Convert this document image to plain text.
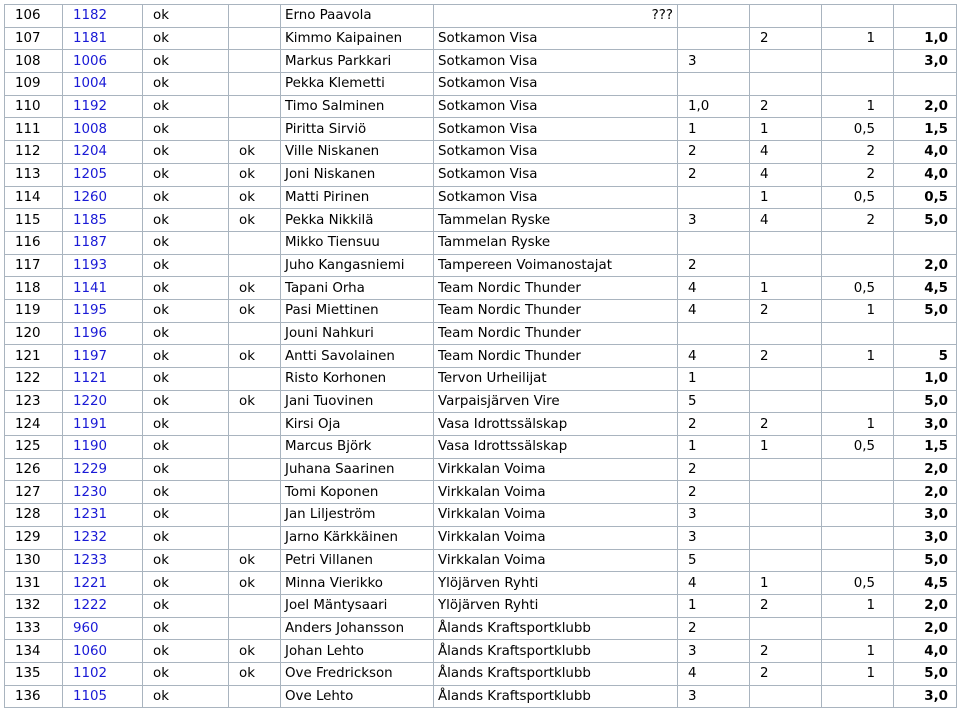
106	1182	ok		Erno Paavola	???				
107	1181	ok		Kimmo Kaipainen	Sotkamon Visa		2	1	1,0
108	1006	ok		Markus Parkkari	Sotkamon Visa	3			3,0
109	1004	ok		Pekka Klemetti	Sotkamon Visa				
110	1192	ok		Timo Salminen	Sotkamon Visa	1,0	2	1	2,0
111	1008	ok		Piritta Sirviö	Sotkamon Visa	1	1	0,5	1,5
112	1204	ok	ok	Ville Niskanen	Sotkamon Visa	2	4	2	4,0
113	1205	ok	ok	Joni Niskanen	Sotkamon Visa	2	4	2	4,0
114	1260	ok	ok	Matti Pirinen	Sotkamon Visa		1	0,5	0,5
115	1185	ok	ok	Pekka Nikkilä	Tammelan Ryske	3	4	2	5,0
116	1187	ok		Mikko Tiensuu	Tammelan Ryske				
117	1193	ok		Juho Kangasniemi	Tampereen Voimanostajat	2			2,0
118	1141	ok	ok	Tapani Orha	Team Nordic Thunder	4	1	0,5	4,5
119	1195	ok	ok	Pasi Miettinen	Team Nordic Thunder	4	2	1	5,0
120	1196	ok		Jouni Nahkuri	Team Nordic Thunder				
121	1197	ok	ok	Antti Savolainen	Team Nordic Thunder	4	2	1	5
122	1121	ok		Risto Korhonen	Tervon Urheilijat	1			1,0
123	1220	ok	ok	Jani Tuovinen	Varpaisjärven Vire	5			5,0
124	1191	ok		Kirsi Oja	Vasa Idrottssälskap	2	2	1	3,0
125	1190	ok		Marcus Björk	Vasa Idrottssälskap	1	1	0,5	1,5
126	1229	ok		Juhana Saarinen	Virkkalan Voima	2			2,0
127	1230	ok		Tomi Koponen	Virkkalan Voima	2			2,0
128	1231	ok		Jan Liljeström	Virkkalan Voima	3			3,0
129	1232	ok		Jarno Kärkkäinen	Virkkalan Voima	3			3,0
130	1233	ok	ok	Petri Villanen	Virkkalan Voima	5			5,0
131	1221	ok	ok	Minna Vierikko	Ylöjärven Ryhti	4	1	0,5	4,5
132	1222	ok		Joel Mäntysaari	Ylöjärven Ryhti	1	2	1	2,0
133	960	ok		Anders Johansson	Ålands Kraftsportklubb	2			2,0
134	1060	ok	ok	Johan Lehto	Ålands Kraftsportklubb	3	2	1	4,0
135	1102	ok	ok	Ove Fredrickson	Ålands Kraftsportklubb	4	2	1	5,0
136	1105	ok		Ove Lehto	Ålands Kraftsportklubb	3			3,0
